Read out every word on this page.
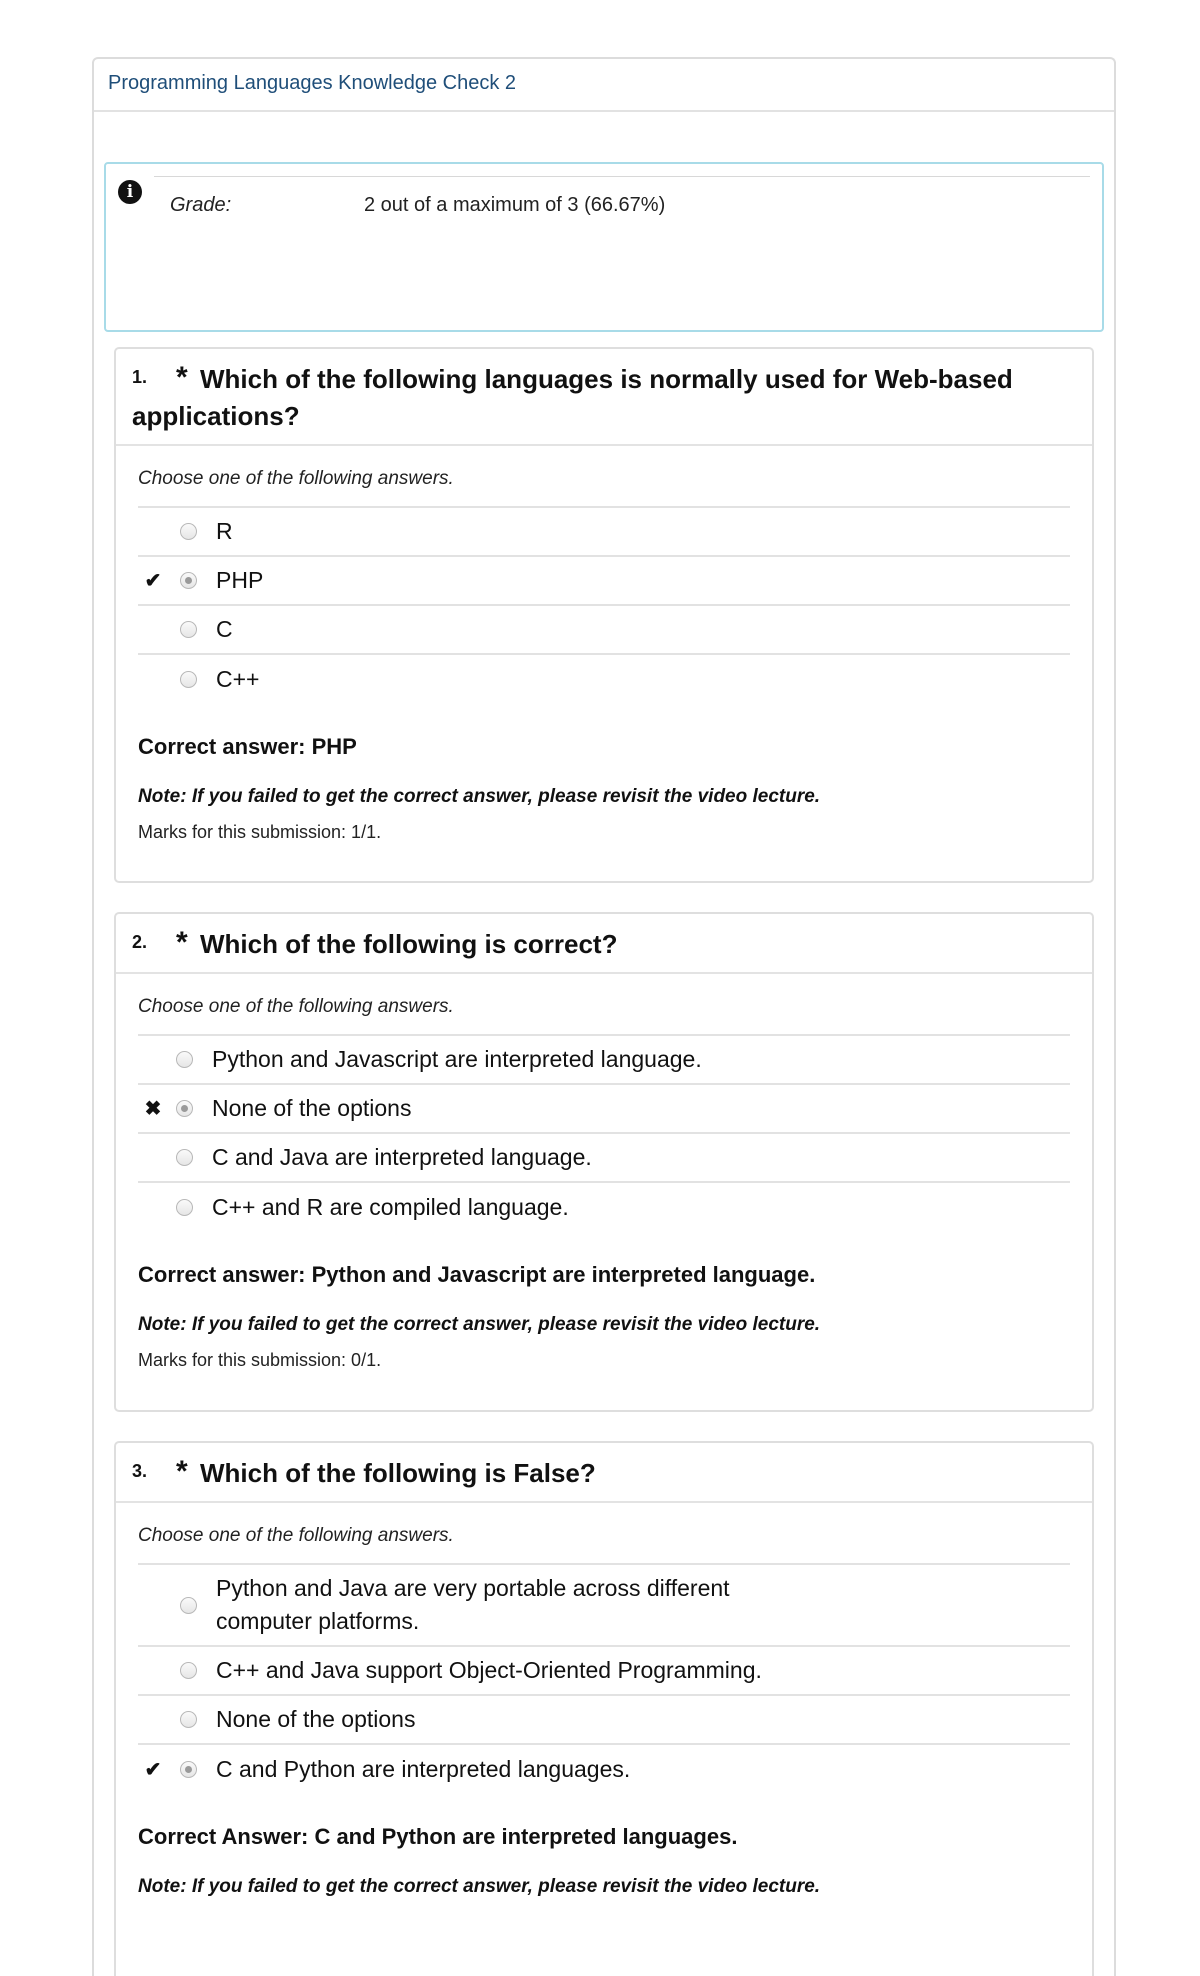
Programming Languages Knowledge Check 2
i
Grade:	2 out of a maximum of 3 (66.67%)
1. * Which of the following languages is normally used for Web-based applications?
Choose one of the following answers.
R
✔ PHP
C
C++
Correct answer: PHP
Note: If you failed to get the correct answer, please revisit the video lecture.
Marks for this submission: 1/1.
2. * Which of the following is correct?
Choose one of the following answers.
Python and Javascript are interpreted language.
✖ None of the options
C and Java are interpreted language.
C++ and R are compiled language.
Correct answer: Python and Javascript are interpreted language.
Note: If you failed to get the correct answer, please revisit the video lecture.
Marks for this submission: 0/1.
3. * Which of the following is False?
Choose one of the following answers.
Python and Java are very portable across different computer platforms.
C++ and Java support Object-Oriented Programming.
None of the options
✔ C and Python are interpreted languages.
Correct Answer: C and Python are interpreted languages.
Note: If you failed to get the correct answer, please revisit the video lecture.
